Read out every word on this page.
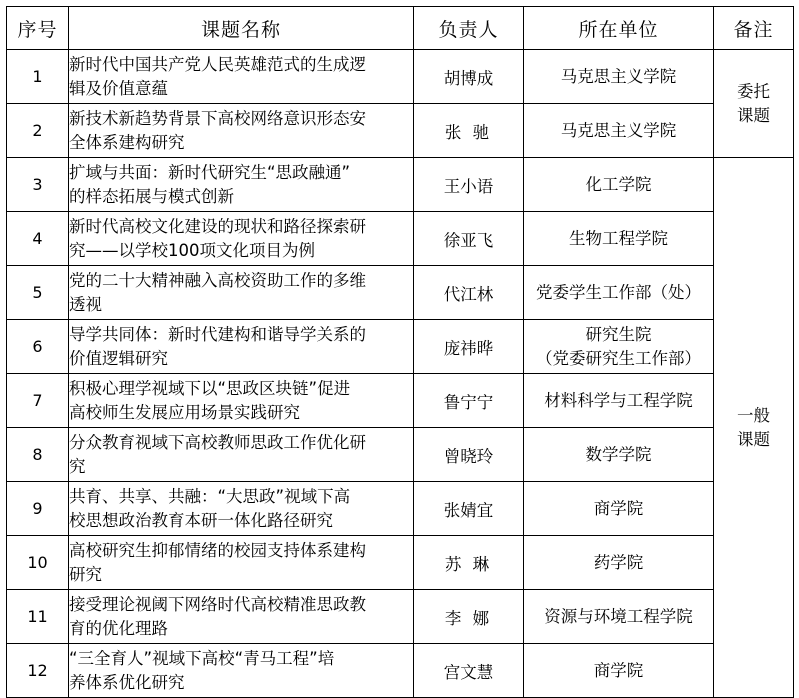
序号	课题名称	负责人	所在单位	备注
1	新时代中国共产党人民英雄范式的生成逻
辑及价值意蕴	胡博成	马克思主义学院	委托
课题

2	新技术新趋势背景下高校网络意识形态安
全体系建构研究	张 驰	马克思主义学院	

3	扩域与共面：新时代研究生“思政融通”
的样态拓展与模式创新	王小语	化工学院	一般
课题

4	新时代高校文化建设的现状和路径探索研
究——以学校100项文化项目为例	徐亚飞	生物工程学院	

5	党的二十大精神融入高校资助工作的多维
透视	代江林	党委学生工作部（处）	

6	导学共同体：新时代建构和谐导学关系的
价值逻辑研究	庞祎晔	研究生院
（党委研究生工作部）	

7	积极心理学视域下以“思政区块链”促进
高校师生发展应用场景实践研究	鲁宁宁	材料科学与工程学院	

8	分众教育视域下高校教师思政工作优化研
究	曾晓玲	数学学院	

9	共育、共享、共融：“大思政”视域下高
校思想政治教育本研一体化路径研究	张婧宜	商学院	

10	高校研究生抑郁情绪的校园支持体系建构
研究	苏 琳	药学院	

11	接受理论视阈下网络时代高校精准思政教
育的优化理路	李 娜	资源与环境工程学院	

12	“三全育人”视域下高校“青马工程”培
养体系优化研究	宫文慧	商学院	
